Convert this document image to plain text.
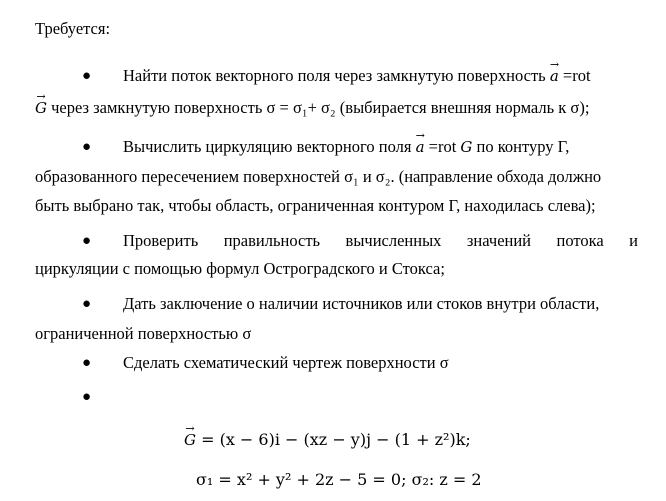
Требуется:
● Найти поток векторного поля через замкнутую поверхность → a =rot
→ G через замкнутую поверхность σ = σ₁+ σ₂ (выбирается внешняя нормаль к σ);
● Вычислить циркуляцию векторного поля → a =rot G по контуру Г,
образованного пересечением поверхностей σ₁ и σ₂. (направление обхода должно
быть выбрано так, чтобы область, ограниченная контуром Г, находилась слева);
● Проверить правильность вычисленных значений потока и
циркуляции с помощью формул Остроградского и Стокса;
● Дать заключение о наличии источников или стоков внутри области,
ограниченной поверхностью σ
● Сделать схематический чертеж поверхности σ
●
→ G = (x − 6)i − (xz − y)j − (1 + z²)k;
σ₁ = x² + y² + 2z − 5 = 0; σ₂: z = 2
